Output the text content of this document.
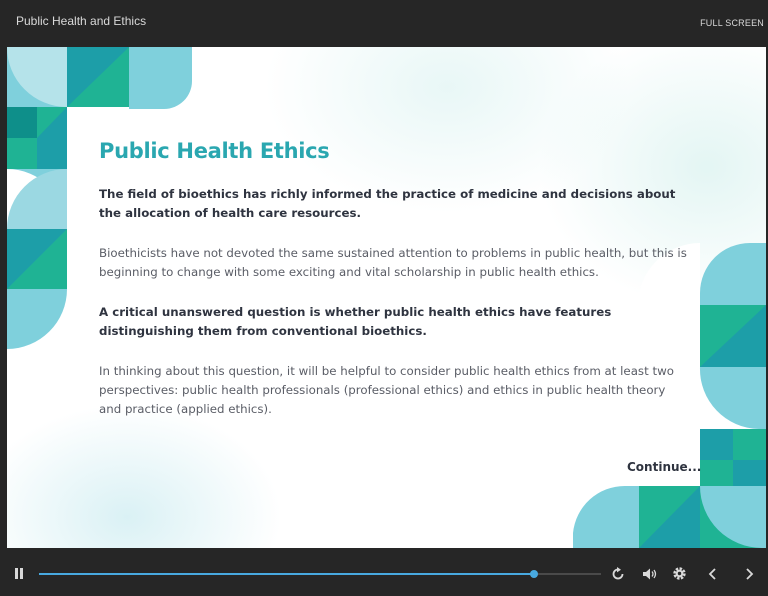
Public Health and Ethics	FULL SCREEN
Public Health Ethics

The field of bioethics has richly informed the practice of medicine and decisions about the allocation of health care resources.

Bioethicists have not devoted the same sustained attention to problems in public health, but this is beginning to change with some exciting and vital scholarship in public health ethics.

A critical unanswered question is whether public health ethics have features distinguishing them from conventional bioethics.

In thinking about this question, it will be helpful to consider public health ethics from at least two perspectives: public health professionals (professional ethics) and ethics in public health theory and practice (applied ethics).

Continue...
